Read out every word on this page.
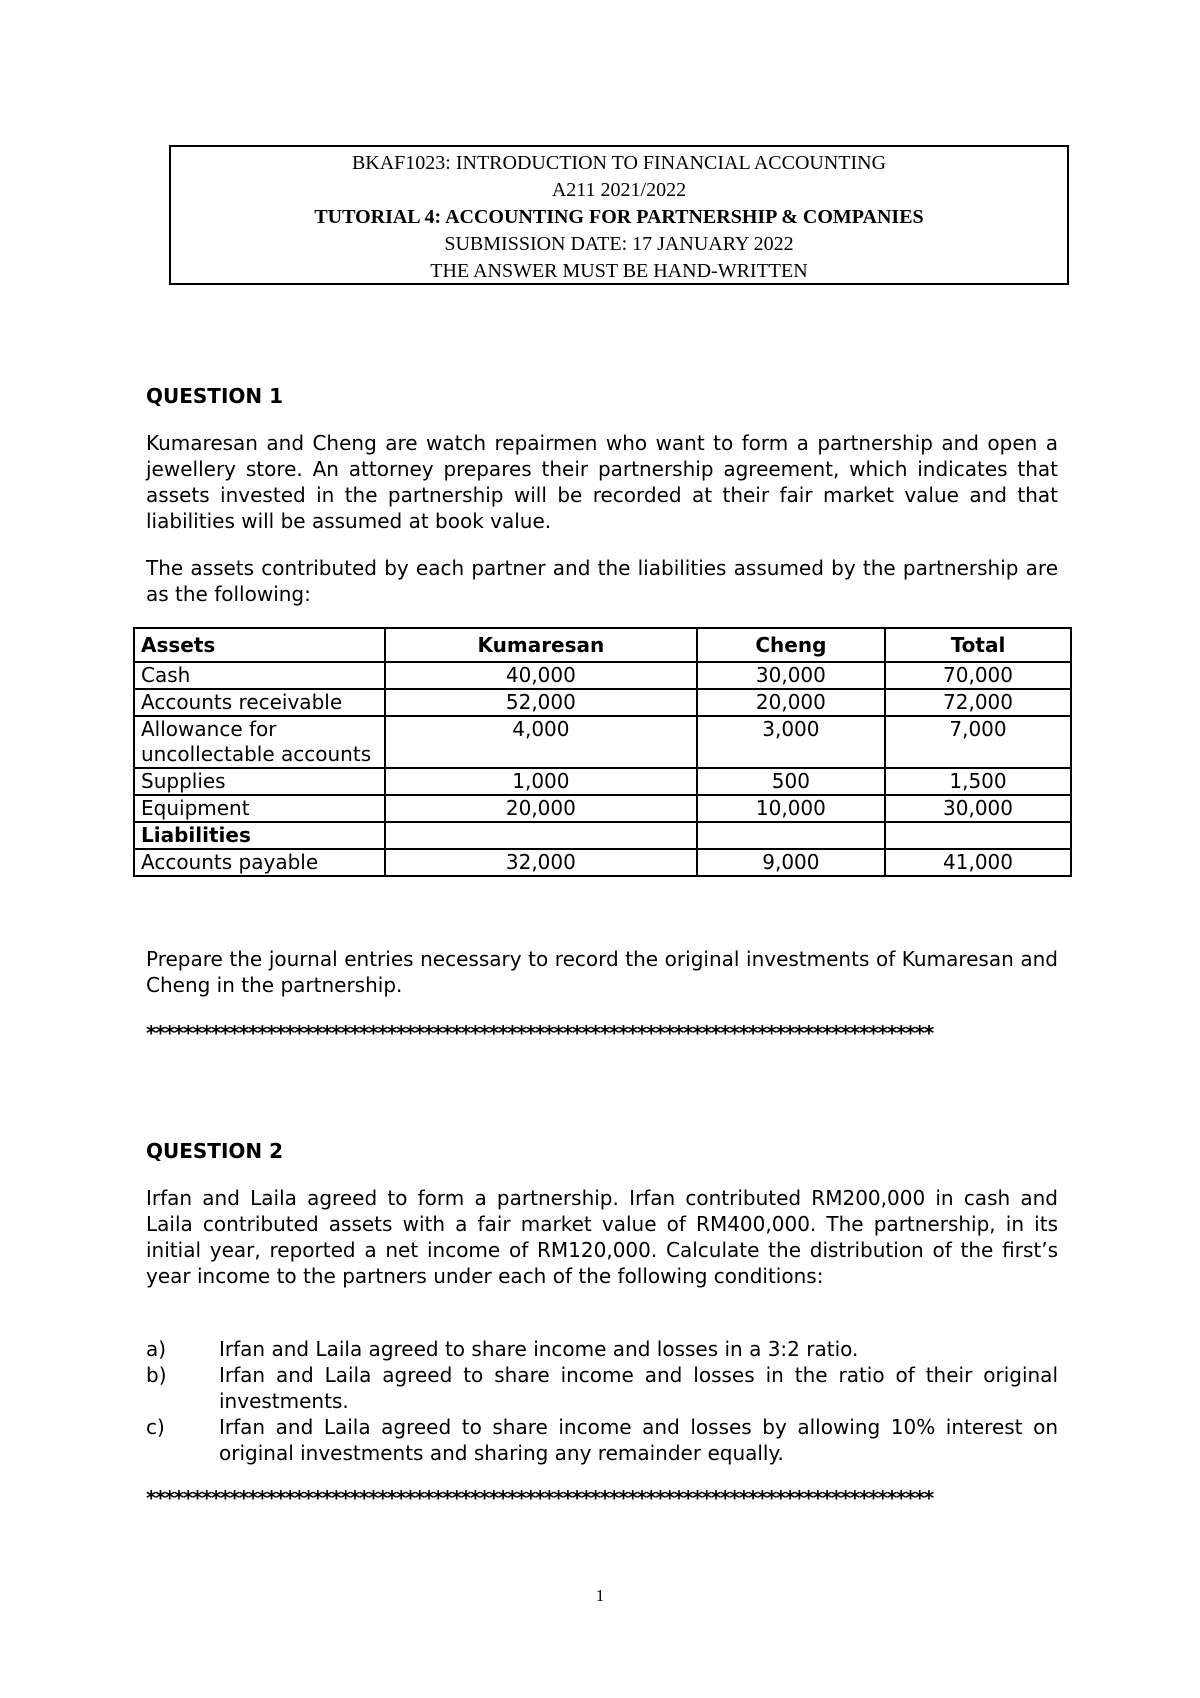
BKAF1023: INTRODUCTION TO FINANCIAL ACCOUNTING
A211 2021/2022
TUTORIAL 4: ACCOUNTING FOR PARTNERSHIP & COMPANIES
SUBMISSION DATE: 17 JANUARY 2022
THE ANSWER MUST BE HAND-WRITTEN
QUESTION 1

Kumaresan and Cheng are watch repairmen who want to form a partnership and open a jewellery store. An attorney prepares their partnership agreement, which indicates that assets invested in the partnership will be recorded at their fair market value and that liabilities will be assumed at book value.

The assets contributed by each partner and the liabilities assumed by the partnership are as the following:

Assets	Kumaresan	Cheng	Total
Cash	40,000	30,000	70,000
Accounts receivable	52,000	20,000	72,000
Allowance for uncollectable accounts	4,000	3,000	7,000
Supplies	1,000	500	1,500
Equipment	20,000	10,000	30,000
Liabilities			
Accounts payable	32,000	9,000	41,000

Prepare the journal entries necessary to record the original investments of Kumaresan and Cheng in the partnership.

*************************************************************************************
QUESTION 2

Irfan and Laila agreed to form a partnership. Irfan contributed RM200,000 in cash and Laila contributed assets with a fair market value of RM400,000. The partnership, in its initial year, reported a net income of RM120,000. Calculate the distribution of the first’s year income to the partners under each of the following conditions:

a)	Irfan and Laila agreed to share income and losses in a 3:2 ratio.
b)	Irfan and Laila agreed to share income and losses in the ratio of their original investments.
c)	Irfan and Laila agreed to share income and losses by allowing 10% interest on original investments and sharing any remainder equally.
*************************************************************************************
1
